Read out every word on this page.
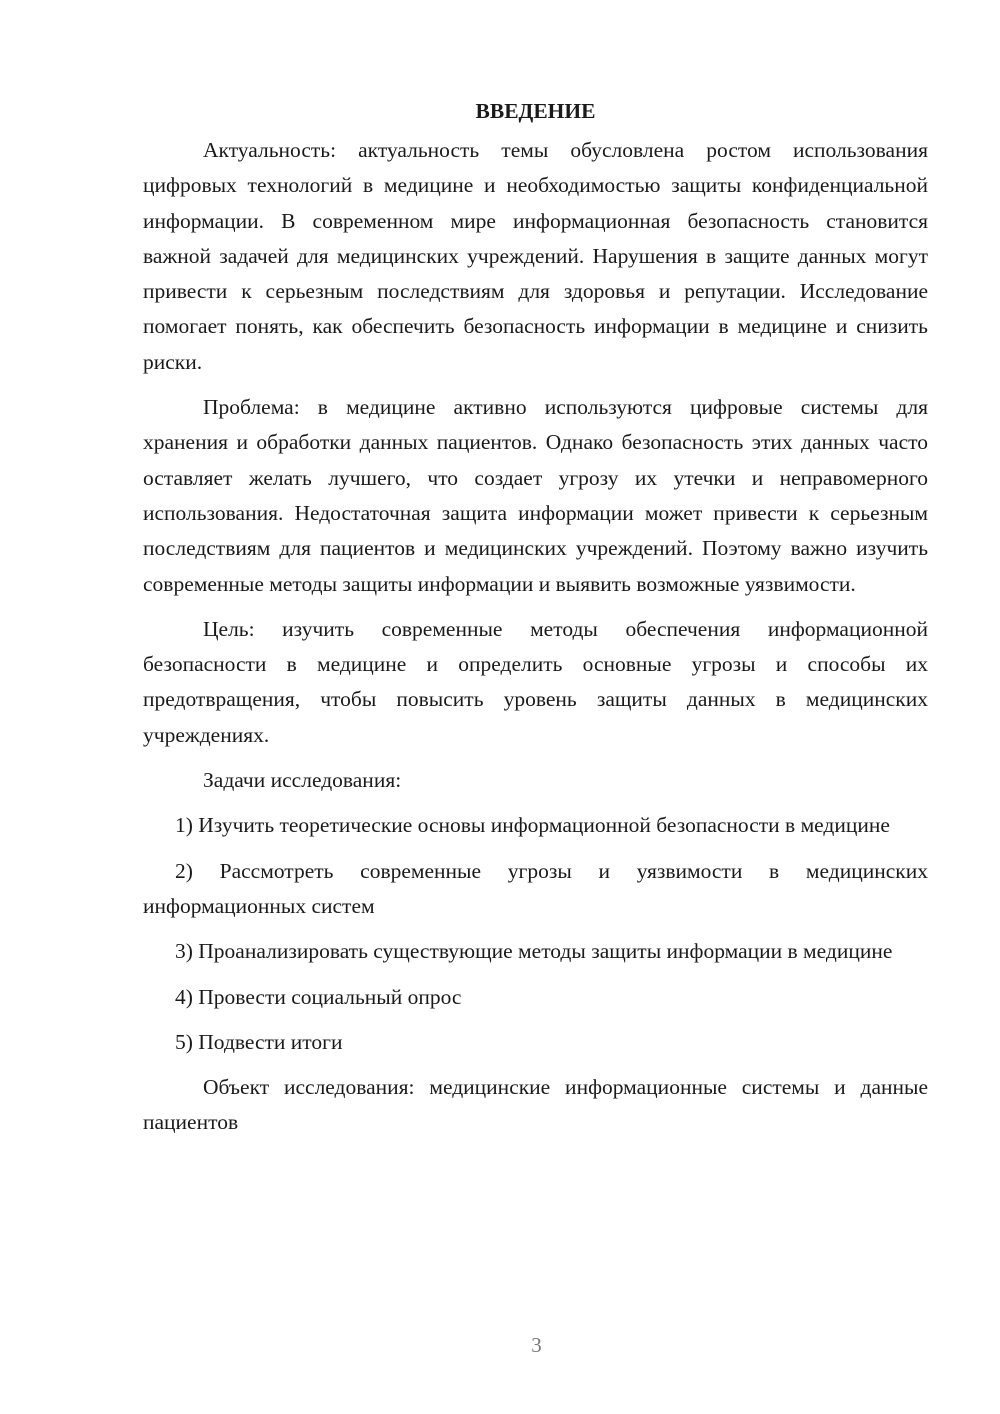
ВВЕДЕНИЕ

Актуальность: актуальность темы обусловлена ростом использования цифровых технологий в медицине и необходимостью защиты конфиденциальной информации. В современном мире информационная безопасность становится важной задачей для медицинских учреждений. Нарушения в защите данных могут привести к серьезным последствиям для здоровья и репутации. Исследование помогает понять, как обеспечить безопасность информации в медицине и снизить риски.

Проблема: в медицине активно используются цифровые системы для хранения и обработки данных пациентов. Однако безопасность этих данных часто оставляет желать лучшего, что создает угрозу их утечки и неправомерного использования. Недостаточная защита информации может привести к серьезным последствиям для пациентов и медицинских учреждений. Поэтому важно изучить современные методы защиты информации и выявить возможные уязвимости.

Цель: изучить современные методы обеспечения информационной безопасности в медицине и определить основные угрозы и способы их предотвращения, чтобы повысить уровень защиты данных в медицинских учреждениях.

Задачи исследования:

1) Изучить теоретические основы информационной безопасности в медицине

2) Рассмотреть современные угрозы и уязвимости в медицинских информационных систем

3) Проанализировать существующие методы защиты информации в медицине

4) Провести социальный опрос

5) Подвести итоги

Объект исследования: медицинские информационные системы и данные пациентов

3
